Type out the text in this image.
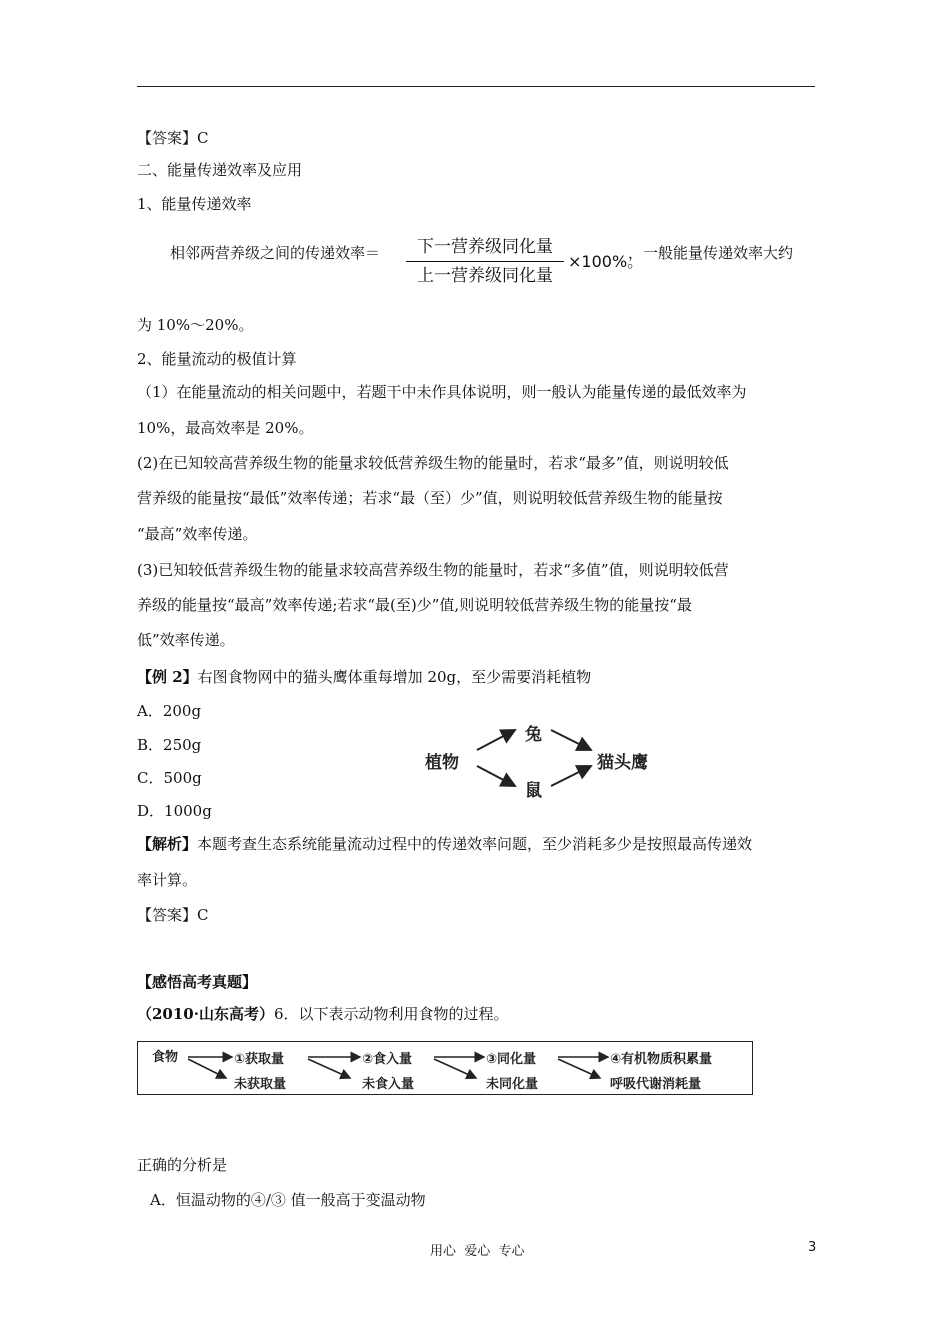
【答案】C
二、能量传递效率及应用
1、能量传递效率
相邻两营养级之间的传递效率＝	下一营养级同化量
上一营养级同化量
×100%。
，一般能量传递效率大约
为 10%～20%。
2、能量流动的极值计算
（1）在能量流动的相关问题中，若题干中未作具体说明，则一般认为能量传递的最低效率为
10%，最高效率是 20%。
(2)在已知较高营养级生物的能量求较低营养级生物的能量时，若求“最多”值，则说明较低
营养级的能量按“最低”效率传递；若求“最（至）少”值，则说明较低营养级生物的能量按
“最高”效率传递。
(3)已知较低营养级生物的能量求较高营养级生物的能量时，若求“多值”值，则说明较低营
养级的能量按“最高”效率传递;若求“最(至)少”值,则说明较低营养级生物的能量按“最
低”效率传递。
【例 2】右图食物网中的猫头鹰体重每增加 20g，至少需要消耗植物
A．200g
B．250g
C．500g
D．1000g
植物
兔
鼠
猫头鹰
【解析】本题考查生态系统能量流动过程中的传递效率问题，至少消耗多少是按照最高传递效
率计算。
【答案】C
【感悟高考真题】
（2010·山东高考）6．以下表示动物利用食物的过程。
食物	①获取量
未获取量
②食入量
未食入量
③同化量
未同化量
④有机物质积累量
呼吸代谢消耗量
正确的分析是
A．恒温动物的④/③ 值一般高于变温动物
用心  爱心  专心	3
